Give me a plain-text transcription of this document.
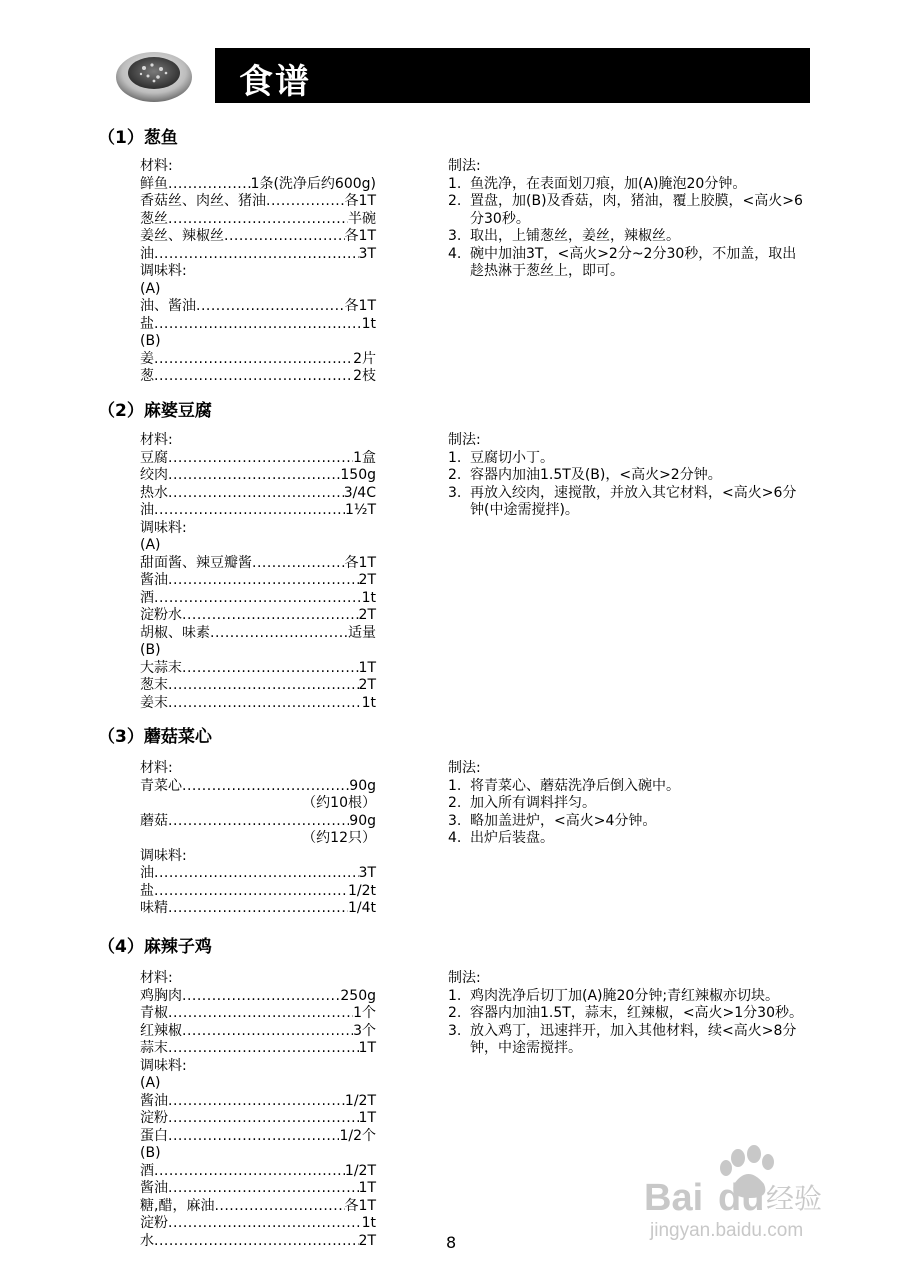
食谱
（1）葱鱼
材料:
鲜鱼 .....	1条(洗净后约600g)
香菇丝、肉丝、猪油 .....	各1T
葱丝 .....	半碗
姜丝、辣椒丝 .....	各1T
油 .....	3T
调味料:
(A)
油、酱油 .....	各1T
盐 .....	1t
(B)
姜 .....	2片
葱 .....	2枝
制法:
1. 鱼洗净，在表面划刀痕，加(A)腌泡20分钟。
2. 置盘，加(B)及香菇，肉，猪油，覆上胶膜，<高火>6分30秒。
3. 取出，上铺葱丝，姜丝，辣椒丝。
4. 碗中加油3T，<高火>2分~2分30秒，不加盖，取出趁热淋于葱丝上，即可。
（2）麻婆豆腐
材料:
豆腐 .....	1盒
绞肉 .....	150g
热水 .....	3/4C
油 .....	1½T
调味料:
(A)
甜面酱、辣豆瓣酱 .....	各1T
酱油 .....	2T
酒 .....	1t
淀粉水 .....	2T
胡椒、味素 .....	适量
(B)
大蒜末 .....	1T
葱末 .....	2T
姜末 .....	1t
制法:
1. 豆腐切小丁。
2. 容器内加油1.5T及(B)，<高火>2分钟。
3. 再放入绞肉，速搅散，并放入其它材料，<高火>6分钟(中途需搅拌)。
（3）蘑菇菜心
材料:
青菜心 .....	90g
（约10根）
蘑菇 .....	90g
（约12只）
调味料:
油 .....	3T
盐 .....	1/2t
味精 .....	1/4t
制法:
1. 将青菜心、蘑菇洗净后倒入碗中。
2. 加入所有调料拌匀。
3. 略加盖进炉，<高火>4分钟。
4. 出炉后装盘。
（4）麻辣子鸡
材料:
鸡胸肉 .....	250g
青椒 .....	1个
红辣椒 .....	3个
蒜末 .....	1T
调味料:
(A)
酱油 .....	1/2T
淀粉 .....	1T
蛋白 .....	1/2个
(B)
酒 .....	1/2T
酱油 .....	1T
糖,醋，麻油 .....	各1T
淀粉 .....	1t
水 .....	2T
制法:
1. 鸡肉洗净后切丁加(A)腌20分钟;青红辣椒亦切块。
2. 容器内加油1.5T，蒜末，红辣椒，<高火>1分30秒。
3. 放入鸡丁，迅速拌开，加入其他材料，续<高火>8分钟，中途需搅拌。
8
Bai du 经验
jingyan.baidu.com
